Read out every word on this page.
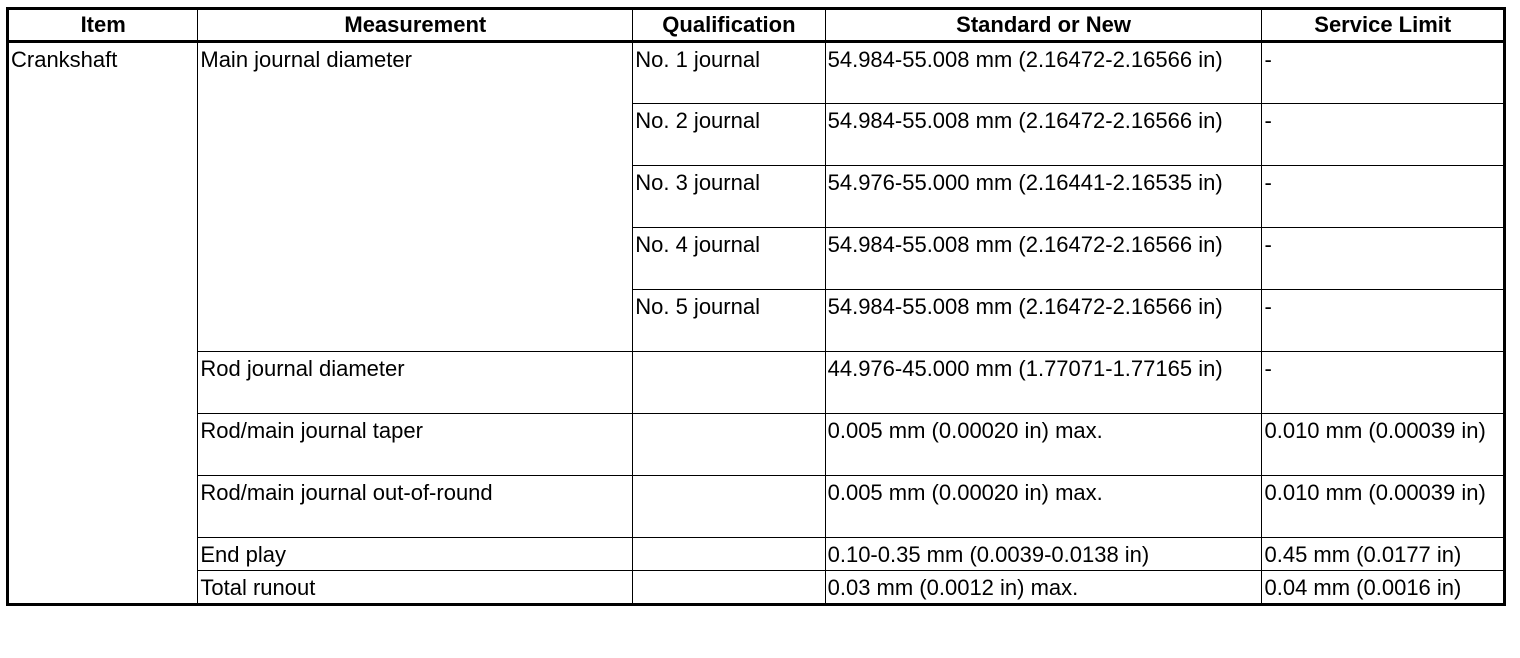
Item	Measurement	Qualification	Standard or New	Service Limit
Crankshaft	Main journal diameter	No. 1 journal	54.984-55.008 mm (2.16472-2.16566 in)	-
		No. 2 journal	54.984-55.008 mm (2.16472-2.16566 in)	-
		No. 3 journal	54.976-55.000 mm (2.16441-2.16535 in)	-
		No. 4 journal	54.984-55.008 mm (2.16472-2.16566 in)	-
		No. 5 journal	54.984-55.008 mm (2.16472-2.16566 in)	-
	Rod journal diameter		44.976-45.000 mm (1.77071-1.77165 in)	-
	Rod/main journal taper		0.005 mm (0.00020 in) max.	0.010 mm (0.00039 in)
	Rod/main journal out-of-round		0.005 mm (0.00020 in) max.	0.010 mm (0.00039 in)
	End play		0.10-0.35 mm (0.0039-0.0138 in)	0.45 mm (0.0177 in)
	Total runout		0.03 mm (0.0012 in) max.	0.04 mm (0.0016 in)
